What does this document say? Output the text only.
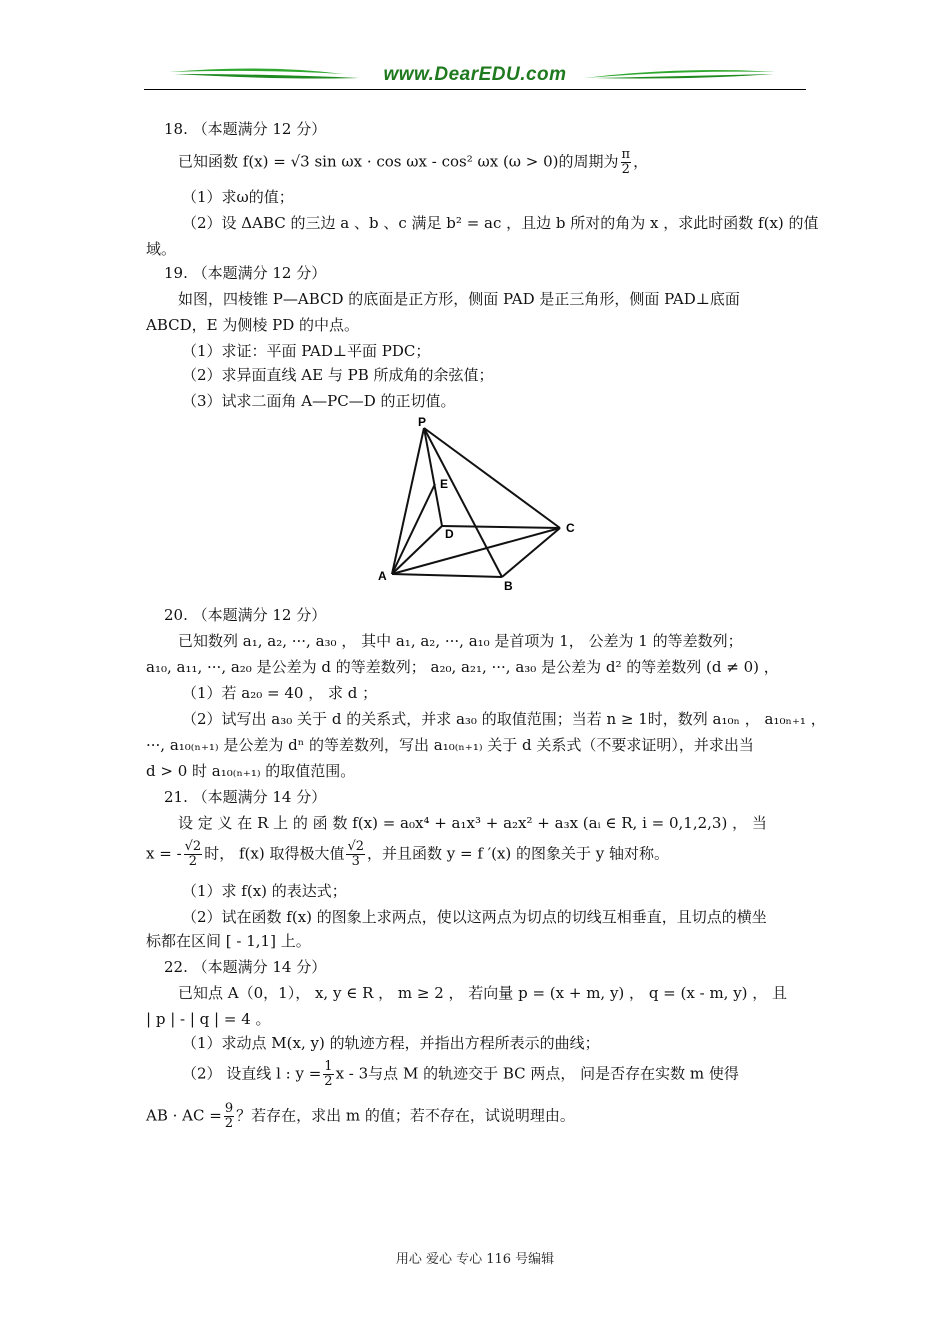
www.DearEDU.com
18. （本题满分 12 分）
已知函数 f(x) = √3 sin ωx · cos ωx - cos² ωx (ω > 0)的周期为 $\frac{\pi}{2}$ ，
（1）求ω的值；
（2）设 ΔABC 的三边 a 、b 、c 满足 b² = ac ，且边 b 所对的角为 x ，求此时函数 f(x) 的值
域。
19. （本题满分 12 分）
如图，四棱锥 P—ABCD 的底面是正方形，侧面 PAD 是正三角形，侧面 PAD⊥底面
ABCD，E 为侧棱 PD 的中点。
（1）求证：平面 PAD⊥平面 PDC；
（2）求异面直线 AE 与 PB 所成角的余弦值；
（3）试求二面角 A—PC—D 的正切值。
20. （本题满分 12 分）
已知数列 a₁, a₂, ···, a₃₀ ， 其中 a₁, a₂, ···, a₁₀ 是首项为 1， 公差为 1 的等差数列；
a₁₀, a₁₁, ···, a₂₀ 是公差为 d 的等差数列； a₂₀, a₂₁, ···, a₃₀ 是公差为 d² 的等差数列 (d ≠ 0) ，
（1）若 a₂₀ = 40 ， 求 d ；
（2）试写出 a₃₀ 关于 d 的关系式，并求 a₃₀ 的取值范围；当若 n ≥ 1时，数列 a₁₀ₙ ， a₁₀ₙ₊₁ ，
···, a₁₀₍ₙ₊₁₎ 是公差为 dⁿ 的等差数列，写出 a₁₀₍ₙ₊₁₎ 关于 d 关系式（不要求证明），并求出当
d > 0 时 a₁₀₍ₙ₊₁₎ 的取值范围。
21. （本题满分 14 分）
设 定 义 在 R 上 的 函 数 f(x) = a₀x⁴ + a₁x³ + a₂x² + a₃x (aᵢ ∈ R, i = 0,1,2,3) ， 当
x = - $\frac{√2}{2}$ 时， f(x) 取得极大值 $\frac{√2}{3}$ ，并且函数 y = f ′(x) 的图象关于 y 轴对称。
（1）求 f(x) 的表达式；
（2）试在函数 f(x) 的图象上求两点，使以这两点为切点的切线互相垂直，且切点的横坐
标都在区间 [ - 1,1] 上。
22. （本题满分 14 分）
已知点 A（0，1）， x, y ∈ R ， m ≥ 2 ， 若向量 p = (x + m, y) ， q = (x - m, y) ， 且
| p | - | q | = 4 。
（1）求动点 M(x, y) 的轨迹方程，并指出方程所表示的曲线；
（2） 设直线 l : $y = \frac{1}{2}$ x - 3与点 M 的轨迹交于 BC 两点， 问是否存在实数 m 使得
AB · AC = $\frac{9}{2}$ ？若存在，求出 m 的值；若不存在，试说明理由。
P
E
D	C
A
B
用心 爱心 专心 116 号编辑
